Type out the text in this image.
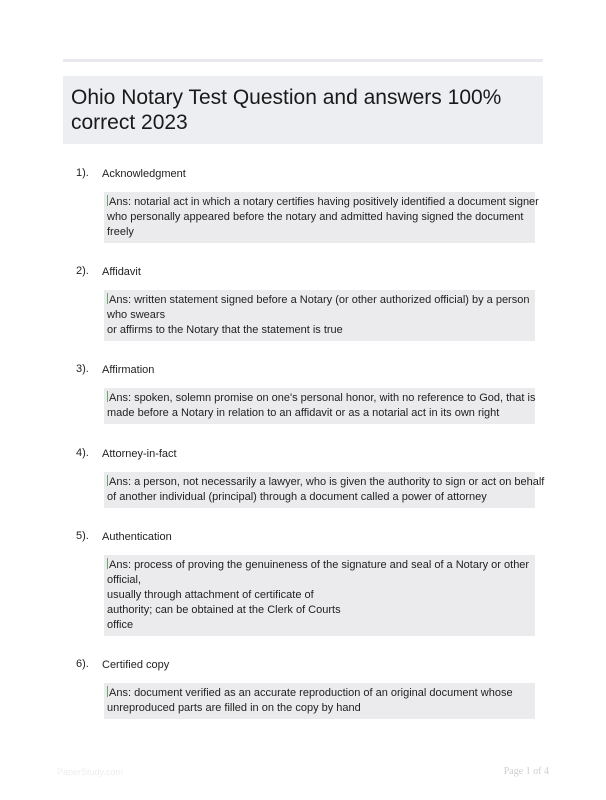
Ohio Notary Test Question and answers 100% correct 2023
1). Acknowledgment
Ans: notarial act in which a notary certifies having positively identified a document signer
who personally appeared before the notary and admitted having signed the document
freely
2). Affidavit
Ans: written statement signed before a Notary (or other authorized official) by a person
who swears
or affirms to the Notary that the statement is true
3). Affirmation
Ans: spoken, solemn promise on one's personal honor, with no reference to God, that is
made before a Notary in relation to an affidavit or as a notarial act in its own right
4). Attorney-in-fact
Ans: a person, not necessarily a lawyer, who is given the authority to sign or act on behalf
of another individual (principal) through a document called a power of attorney
5). Authentication
Ans: process of proving the genuineness of the signature and seal of a Notary or other
official,
usually through attachment of certificate of
authority; can be obtained at the Clerk of Courts
office
6). Certified copy
Ans: document verified as an accurate reproduction of an original document whose
unreproduced parts are filled in on the copy by hand
PaperStudy.com	Page 1 of 4
